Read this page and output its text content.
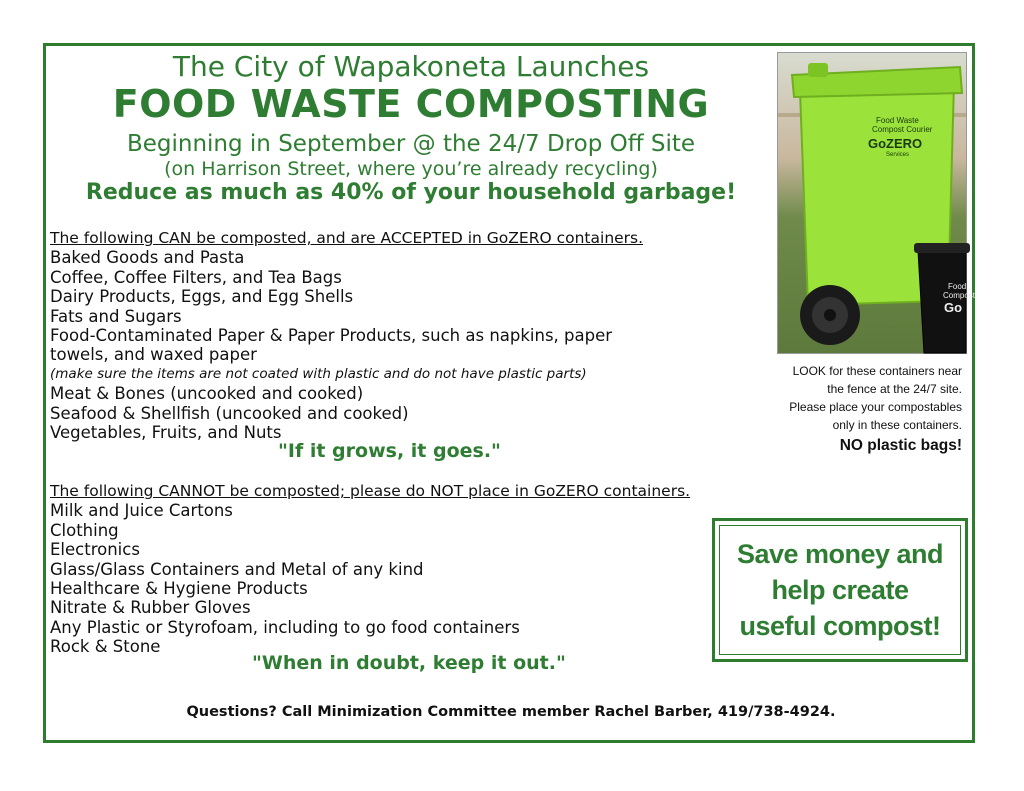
The City of Wapakoneta Launches
FOOD WASTE COMPOSTING
Beginning in September @ the 24/7 Drop Off Site
(on Harrison Street, where you’re already recycling)
Reduce as much as 40% of your household garbage!
The following CAN be composted, and are ACCEPTED in GoZERO containers.
Baked Goods and Pasta
Coffee, Coffee Filters, and Tea Bags
Dairy Products, Eggs, and Egg Shells
Fats and Sugars
Food-Contaminated Paper & Paper Products, such as napkins, paper
towels, and waxed paper
(make sure the items are not coated with plastic and do not have plastic parts)
Meat & Bones (uncooked and cooked)
Seafood & Shellfish (uncooked and cooked)
Vegetables, Fruits, and Nuts
"If it grows, it goes."
The following CANNOT be composted; please do NOT place in GoZERO containers.
Milk and Juice Cartons
Clothing
Electronics
Glass/Glass Containers and Metal of any kind
Healthcare & Hygiene Products
Nitrate & Rubber Gloves
Any Plastic or Styrofoam, including to go food containers
Rock & Stone
"When in doubt, keep it out."
Food Waste
Compost Courier
GoZERO
Services
Food
Compost
Go
LOOK for these containers near
the fence at the 24/7 site.
Please place your compostables
only in these containers.
NO plastic bags!
Save money and
help create
useful compost!
Questions? Call Minimization Committee member Rachel Barber, 419/738-4924.
